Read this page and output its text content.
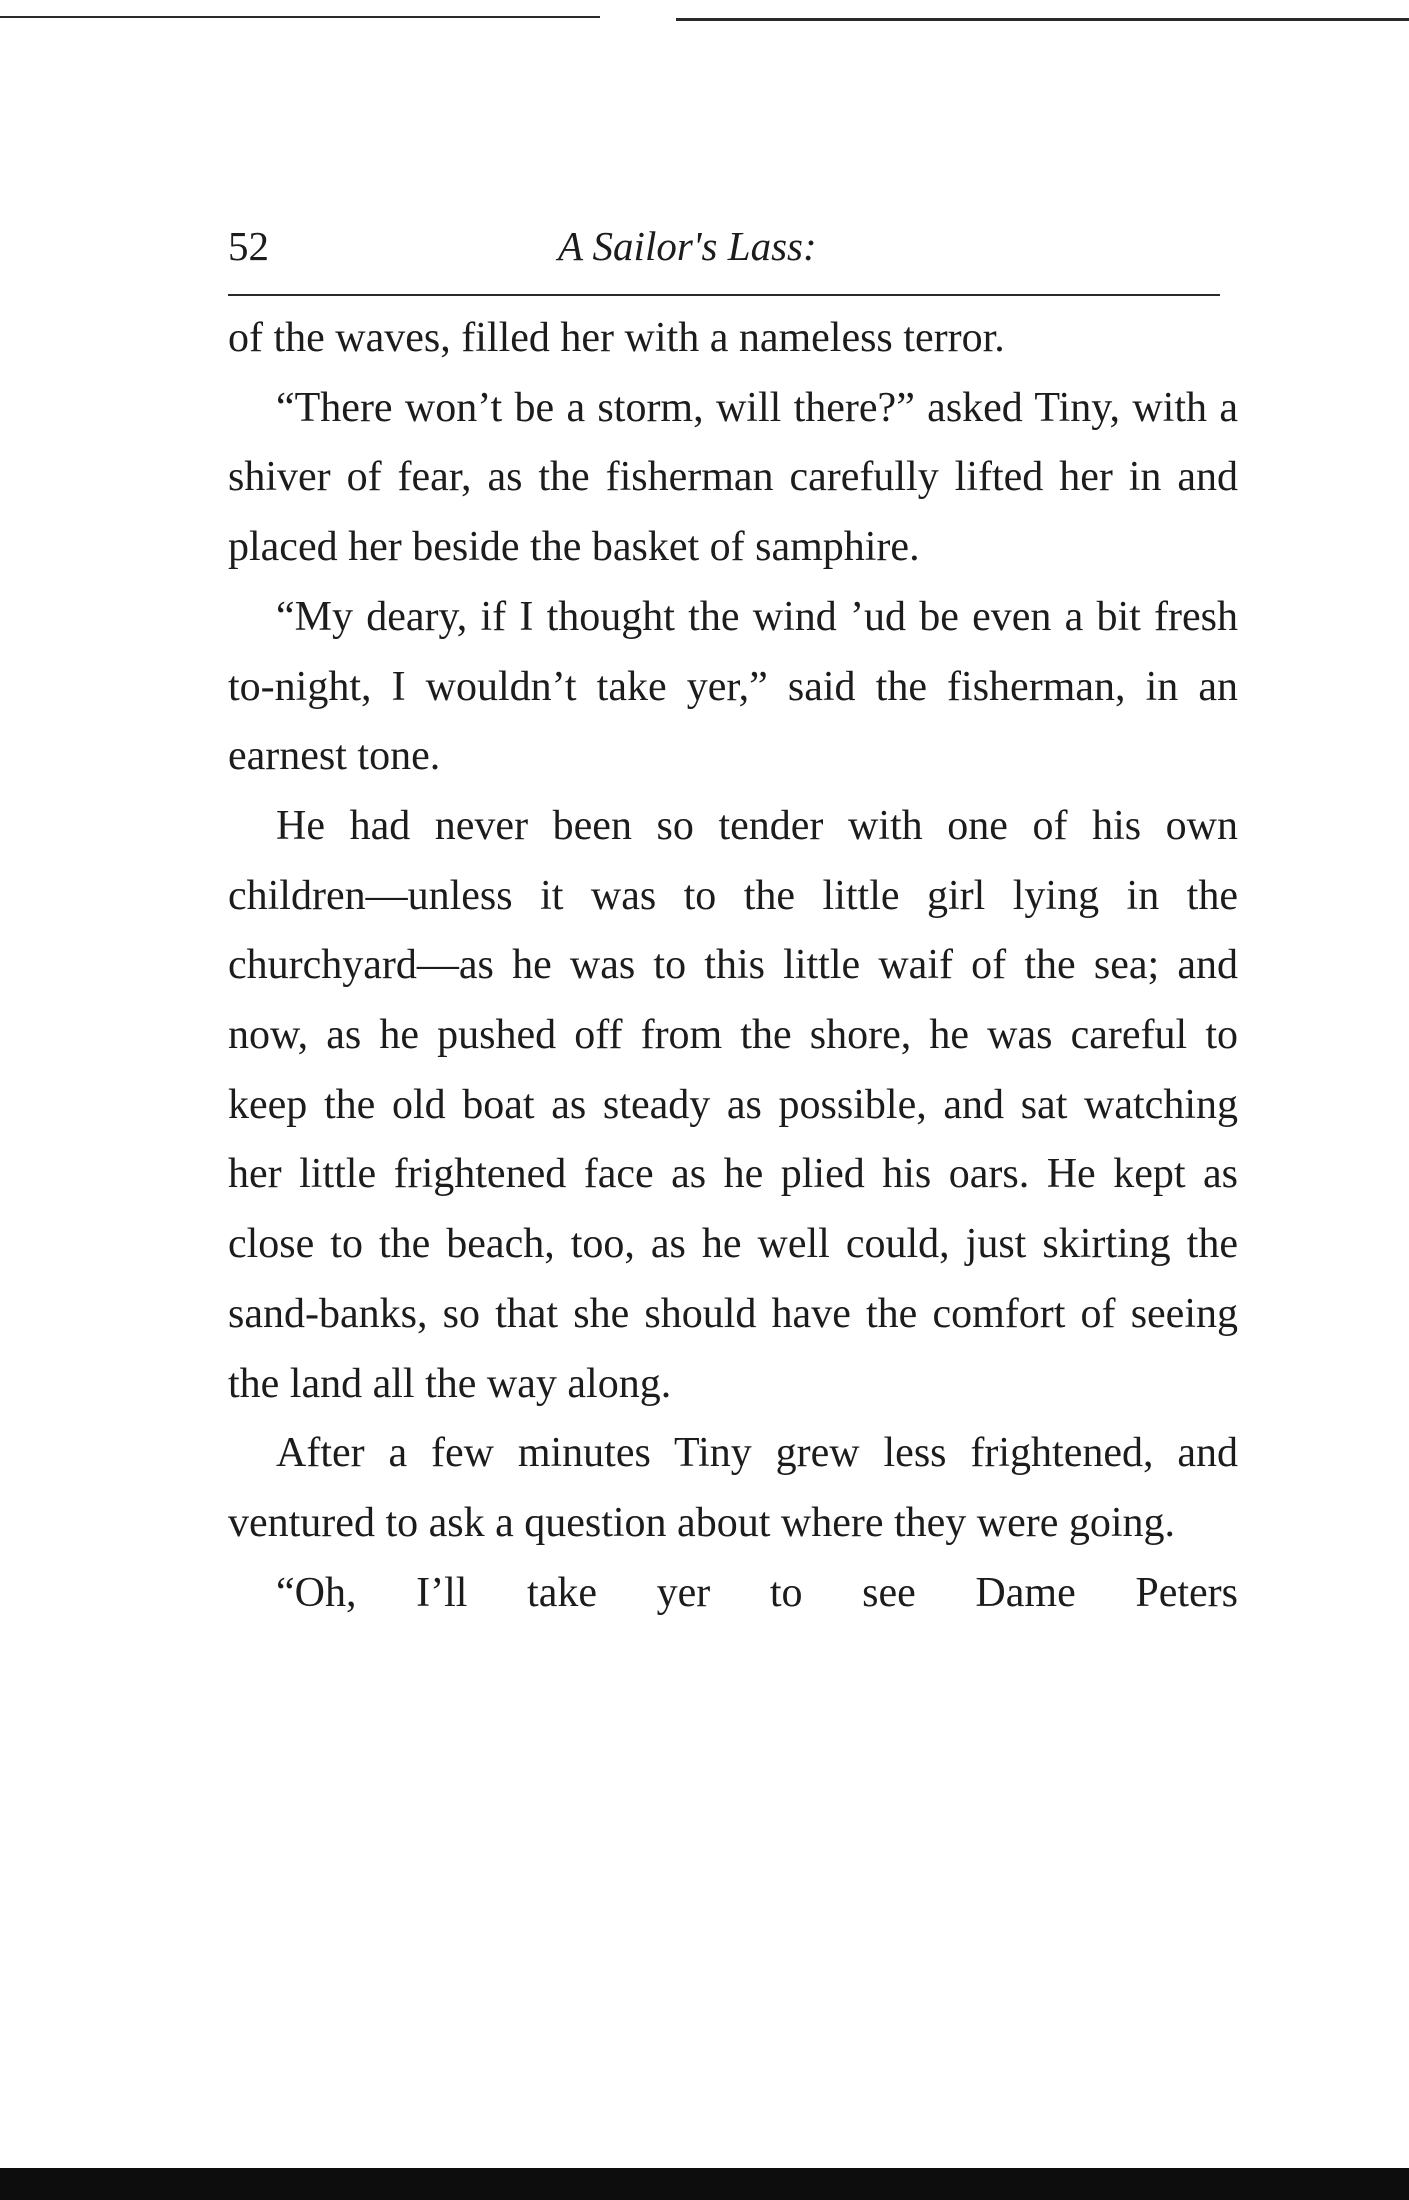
52	A Sailor's Lass:

of the waves, filled her with a nameless terror.

“There won’t be a storm, will there?” asked Tiny, with a shiver of fear, as the fisherman carefully lifted her in and placed her beside the basket of samphire.

“My deary, if I thought the wind ’ud be even a bit fresh to-night, I wouldn’t take yer,” said the fisherman, in an earnest tone.

He had never been so tender with one of his own children—unless it was to the little girl lying in the churchyard—as he was to this little waif of the sea; and now, as he pushed off from the shore, he was careful to keep the old boat as steady as possible, and sat watching her little frightened face as he plied his oars. He kept as close to the beach, too, as he well could, just skirting the sand-banks, so that she should have the comfort of seeing the land all the way along.

After a few minutes Tiny grew less frightened, and ventured to ask a question about where they were going.

“Oh, I’ll take yer to see Dame Peters
